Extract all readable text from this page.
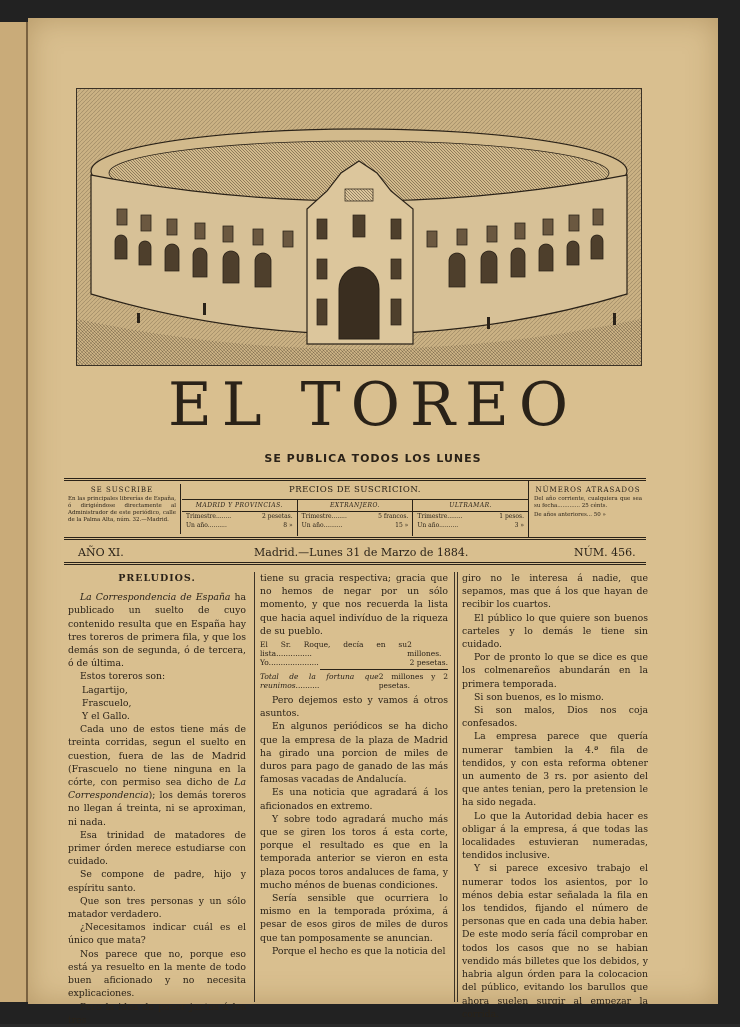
EL TOREO
SE PUBLICA TODOS LOS LUNES
SE SUSCRIBE
En las principales librerías de España, ó dirigiéndose directamente al Administrador de este periódico, calle de la Palma Alta, núm. 32.—Madrid.
PRECIOS DE SUSCRICION.
MADRID Y PROVINCIAS.
Trimestre........	2 pesetas.
Un año..........	8 »
EXTRANJERO.
Trimestre........	5 francos.
Un año..........	15 »
ULTRAMAR.
Trimestre........	1 pesos.
Un año..........	3 »
NÚMEROS ATRASADOS
Del año corriente, cualquiera que sea su fecha............. 25 cénts.
De años anteriores... 50 »
AÑO XI.	Madrid.—Lunes 31 de Marzo de 1884.	NÚM. 456.
PRELUDIOS.

La Correspondencia de España ha publicado un suelto de cuyo contenido resulta que en España hay tres toreros de primera fila, y que los demás son de segunda, ó de tercera, ó de última.

Estos toreros son:

Lagartijo,

Frascuelo,

Y el Gallo.

Cada uno de estos tiene más de treinta corridas, segun el suelto en cuestion, fuera de las de Madrid (Frascuelo no tiene ninguna en la córte, con permiso sea dicho de La Correspondencia); los demás toreros no llegan á treinta, ni se aproximan, ni nada.

Esa trinidad de matadores de primer órden merece estudiarse con cuidado.

Se compone de padre, hijo y espíritu santo.

Que son tres personas y un sólo matador verdadero.

¿Necesitamos indicar cuál es el único que mata?

Nos parece que no, porque eso está ya resuelto en la mente de todo buen aficionado y no necesita explicaciones.

Pero la idea de poner juntos á los tres

tiene su gracia respectiva; gracia que no hemos de negar por un sólo momento, y que nos recuerda la lista que hacia aquel indivíduo de la riqueza de su pueblo.

El Sr. Roque, decía en su lista...............
2 millones.
Yo.....................	2 pesetas.
Total de la fortuna que reunimos..........
2 millones y 2 pesetas.

Pero dejemos esto y vamos á otros asuntos.

En algunos periódicos se ha dicho que la empresa de la plaza de Madrid ha girado una porcion de miles de duros para pago de ganado de las más famosas vacadas de Andalucía.

Es una noticia que agradará á los aficionados en extremo.

Y sobre todo agradará mucho más que se giren los toros á esta corte, porque el resultado es que en la temporada anterior se vieron en esta plaza pocos toros andaluces de fama, y mucho ménos de buenas condiciones.

Sería sensible que ocurriera lo mismo en la temporada próxima, á pesar de esos giros de miles de duros que tan pomposamente se anuncian.

Porque el hecho es que la noticia del

giro no le interesa á nadie, que sepamos, mas que á los que hayan de recibir los cuartos.

El público lo que quiere son buenos carteles y lo demás le tiene sin cuidado.

Por de pronto lo que se dice es que los colmenareños abundarán en la primera temporada.

Si son buenos, es lo mismo.

Si son malos, Dios nos coja confesados.

La empresa parece que quería numerar tambien la 4.ª fila de tendidos, y con esta reforma obtener un aumento de 3 rs. por asiento del que antes tenian, pero la pretension le ha sido negada.

Lo que la Autoridad debia hacer es obligar á la empresa, á que todas las localidades estuvieran numeradas, tendidos inclusive.

Y si parece excesivo trabajo el numerar todos los asientos, por lo ménos debia estar señalada la fila en los tendidos, fijando el número de personas que en cada una debia haber. De este modo sería fácil comprobar en todos los casos que no se habian vendido más billetes que los debidos, y habria algun órden para la colocacion del público, evitando los barullos que ahora suelen surgir al empezar la corrida.
